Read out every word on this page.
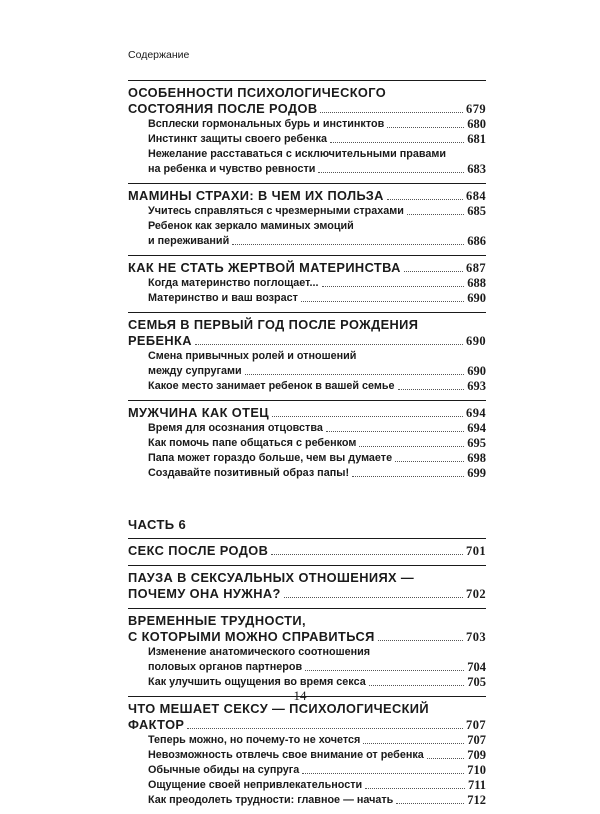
Содержание
ОСОБЕННОСТИ ПСИХОЛОГИЧЕСКОГО
СОСТОЯНИЯ ПОСЛЕ РОДОВ	679
Всплески гормональных бурь и инстинктов	680
Инстинкт защиты своего ребенка	681
Нежелание расставаться с исключительными правами
на ребенка и чувство ревности	683
МАМИНЫ СТРАХИ: В ЧЕМ ИХ ПОЛЬЗА	684
Учитесь справляться с чрезмерными страхами	685
Ребенок как зеркало маминых эмоций
и переживаний	686
КАК НЕ СТАТЬ ЖЕРТВОЙ МАТЕРИНСТВА	687
Когда материнство поглощает...	688
Материнство и ваш возраст	690
СЕМЬЯ В ПЕРВЫЙ ГОД ПОСЛЕ РОЖДЕНИЯ
РЕБЕНКА	690
Смена привычных ролей и отношений
между супругами	690
Какое место занимает ребенок в вашей семье	693
МУЖЧИНА КАК ОТЕЦ	694
Время для осознания отцовства	694
Как помочь папе общаться с ребенком	695
Папа может гораздо больше, чем вы думаете	698
Создавайте позитивный образ папы!	699
ЧАСТЬ 6
СЕКС ПОСЛЕ РОДОВ	701
ПАУЗА В СЕКСУАЛЬНЫХ ОТНОШЕНИЯХ —
ПОЧЕМУ ОНА НУЖНА?	702
ВРЕМЕННЫЕ ТРУДНОСТИ,
С КОТОРЫМИ МОЖНО СПРАВИТЬСЯ	703
Изменение анатомического соотношения
половых органов партнеров	704
Как улучшить ощущения во время секса	705
ЧТО МЕШАЕТ СЕКСУ — ПСИХОЛОГИЧЕСКИЙ
ФАКТОР	707
Теперь можно, но почему-то не хочется	707
Невозможность отвлечь свое внимание от ребенка	709
Обычные обиды на супруга	710
Ощущение своей непривлекательности	711
Как преодолеть трудности: главное — начать	712
14
